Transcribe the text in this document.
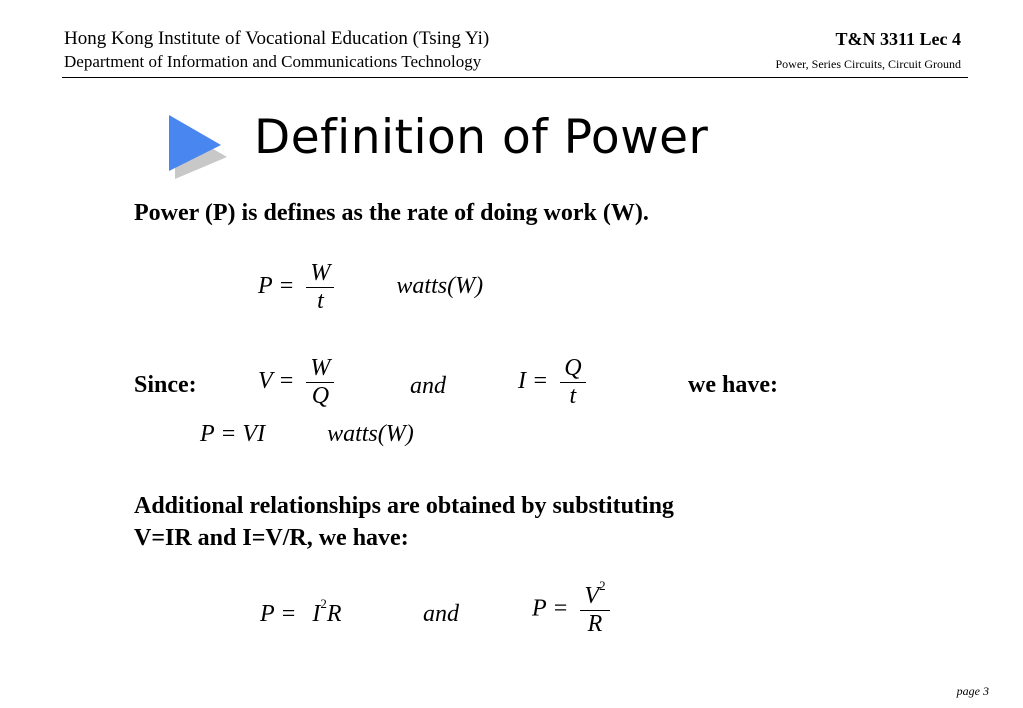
Hong Kong Institute of Vocational Education (Tsing Yi)
Department of Information and Communications Technology
T&N 3311 Lec 4
Power, Series Circuits, Circuit Ground
Definition of Power
Power (P) is defines as the rate of doing work (W).
$P = \frac{W}{t}$	watts(W)
Since:	$V = \frac{W}{Q}$	and	$I = \frac{Q}{t}$	we have:
P = VI	watts(W)
Additional relationships are obtained by substituting
V=IR and I=V/R, we have:
$P = I^2R$	and	$P = \frac{V^2}{R}$
page 3
